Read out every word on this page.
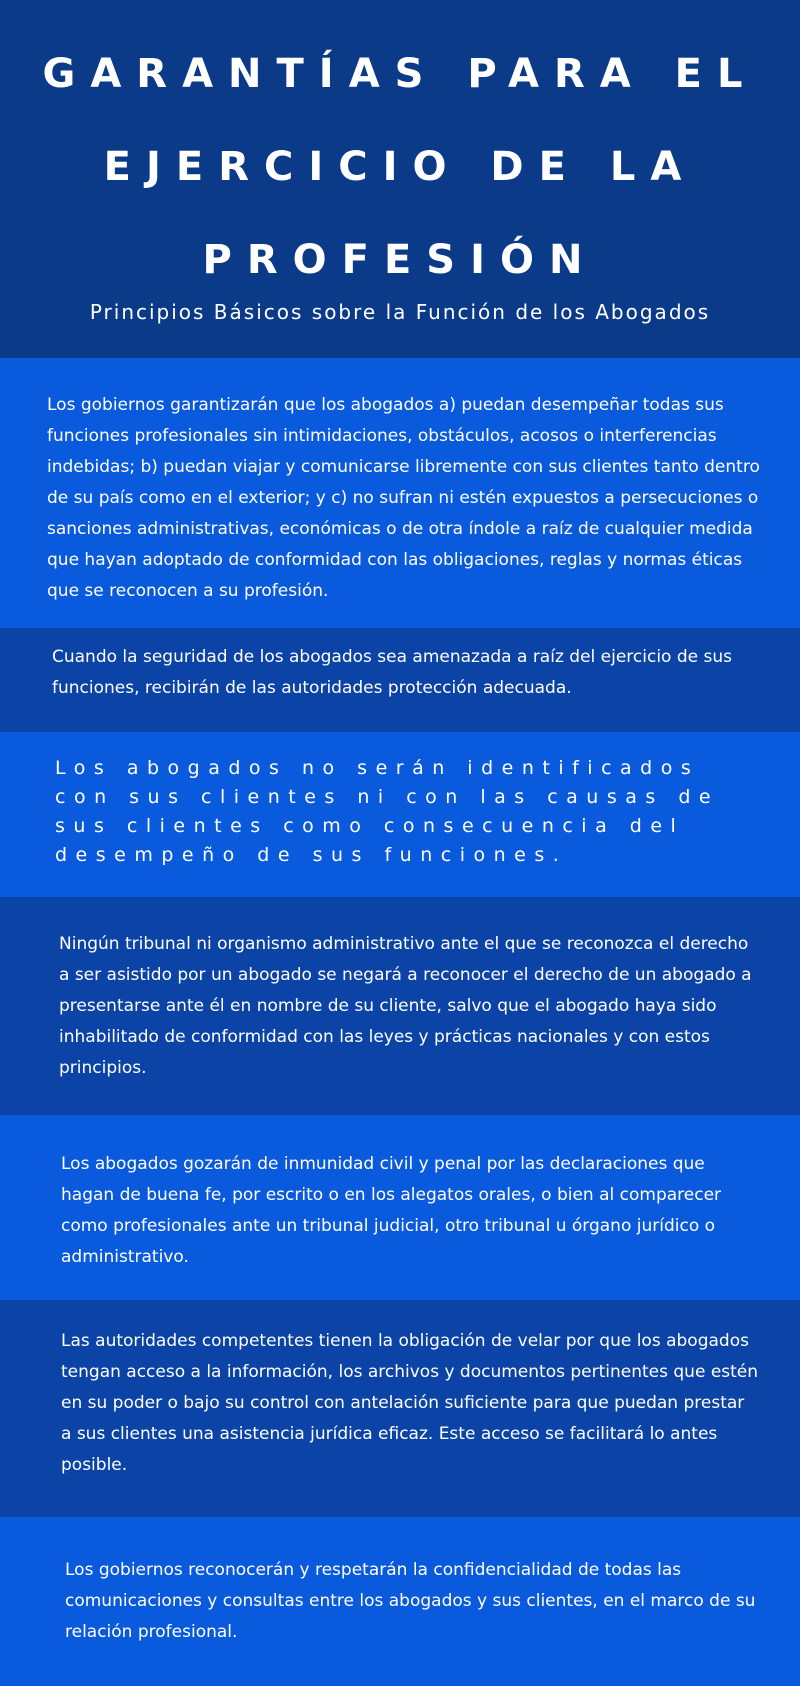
GARANTÍAS PARA EL
EJERCICIO DE LA
PROFESIÓN
Principios Básicos sobre la Función de los Abogados

Los gobiernos garantizarán que los abogados a) puedan desempeñar todas sus funciones profesionales sin intimidaciones, obstáculos, acosos o interferencias indebidas; b) puedan viajar y comunicarse libremente con sus clientes tanto dentro de su país como en el exterior; y c) no sufran ni estén expuestos a persecuciones o sanciones administrativas, económicas o de otra índole a raíz de cualquier medida que hayan adoptado de conformidad con las obligaciones, reglas y normas éticas que se reconocen a su profesión.

Cuando la seguridad de los abogados sea amenazada a raíz del ejercicio de sus funciones, recibirán de las autoridades protección adecuada.

Los abogados no serán identificados con sus clientes ni con las causas de sus clientes como consecuencia del desempeño de sus funciones.

Ningún tribunal ni organismo administrativo ante el que se reconozca el derecho a ser asistido por un abogado se negará a reconocer el derecho de un abogado a presentarse ante él en nombre de su cliente, salvo que el abogado haya sido inhabilitado de conformidad con las leyes y prácticas nacionales y con estos principios.

Los abogados gozarán de inmunidad civil y penal por las declaraciones que hagan de buena fe, por escrito o en los alegatos orales, o bien al comparecer como profesionales ante un tribunal judicial, otro tribunal u órgano jurídico o administrativo.

Las autoridades competentes tienen la obligación de velar por que los abogados tengan acceso a la información, los archivos y documentos pertinentes que estén en su poder o bajo su control con antelación suficiente para que puedan prestar a sus clientes una asistencia jurídica eficaz. Este acceso se facilitará lo antes posible.

Los gobiernos reconocerán y respetarán la confidencialidad de todas las comunicaciones y consultas entre los abogados y sus clientes, en el marco de su relación profesional.
